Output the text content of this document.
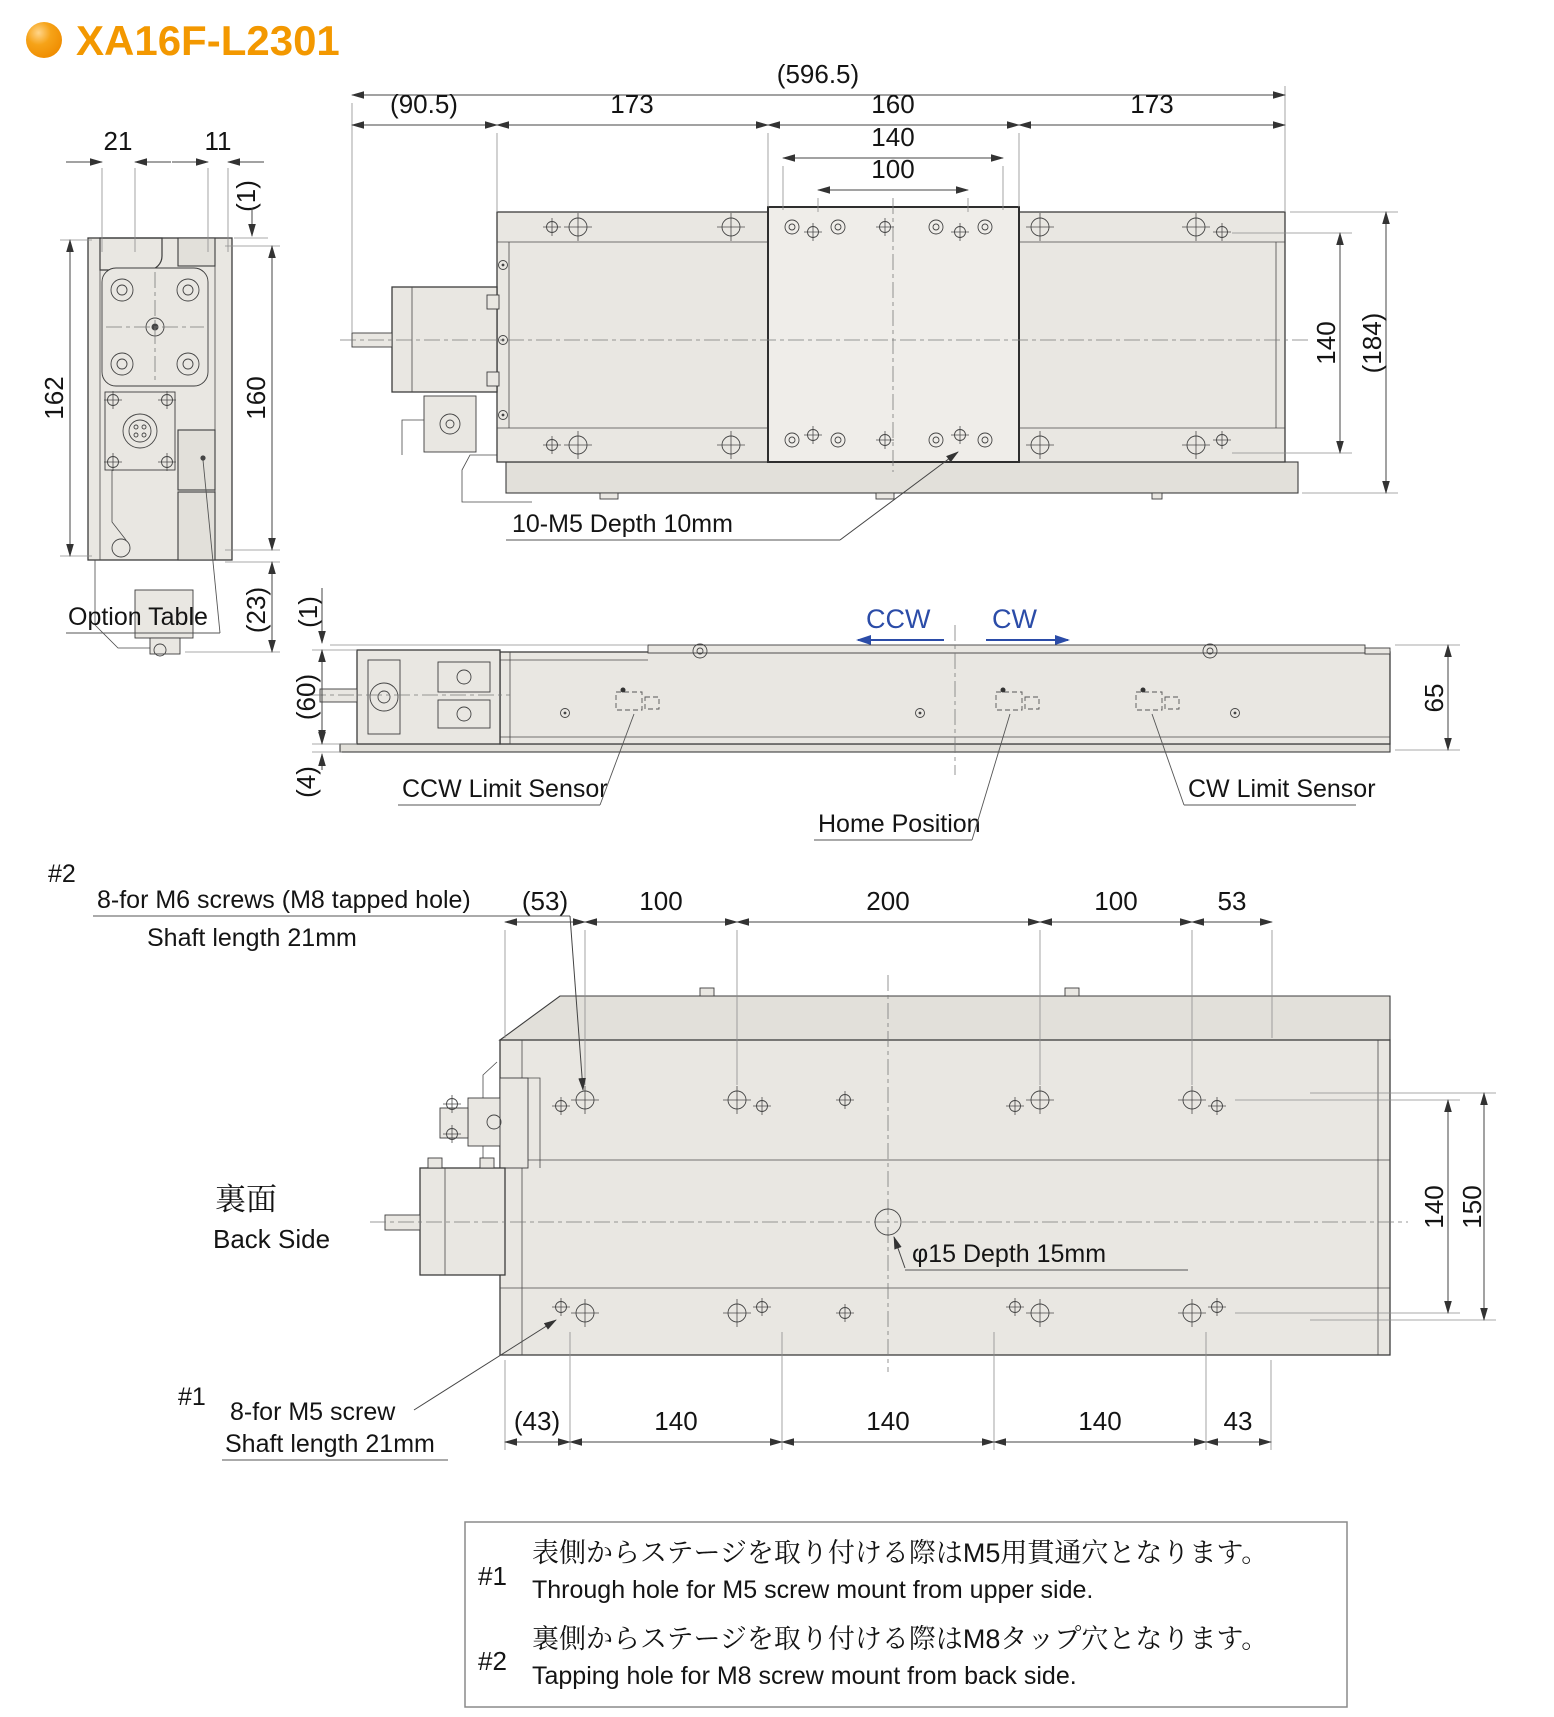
XA16F-L2301
21	11
(1)
162	160
(23)
Option Table
(596.5)
(90.5)	173	160	173
140
100
140 (184)
10-M5 Depth 10mm
CCW CW
(1)
(60)
(4)
65
CCW Limit Sensor
Home Position
CW Limit Sensor
(53)	100	200	100	53
(43)	140	140	140	43
140 150
#2
8-for M6 screws (M8 tapped hole)
Shaft length 21mm
裏面
Back Side
#1
8-for M5 screw
Shaft length 21mm
φ15 Depth 15mm
#1
表側からステージを取り付ける際はM5用貫通穴となります。
Through hole for M5 screw mount from upper side.
#2
裏側からステージを取り付ける際はM8タップ穴となります。
Tapping hole for M8 screw mount from back side.
